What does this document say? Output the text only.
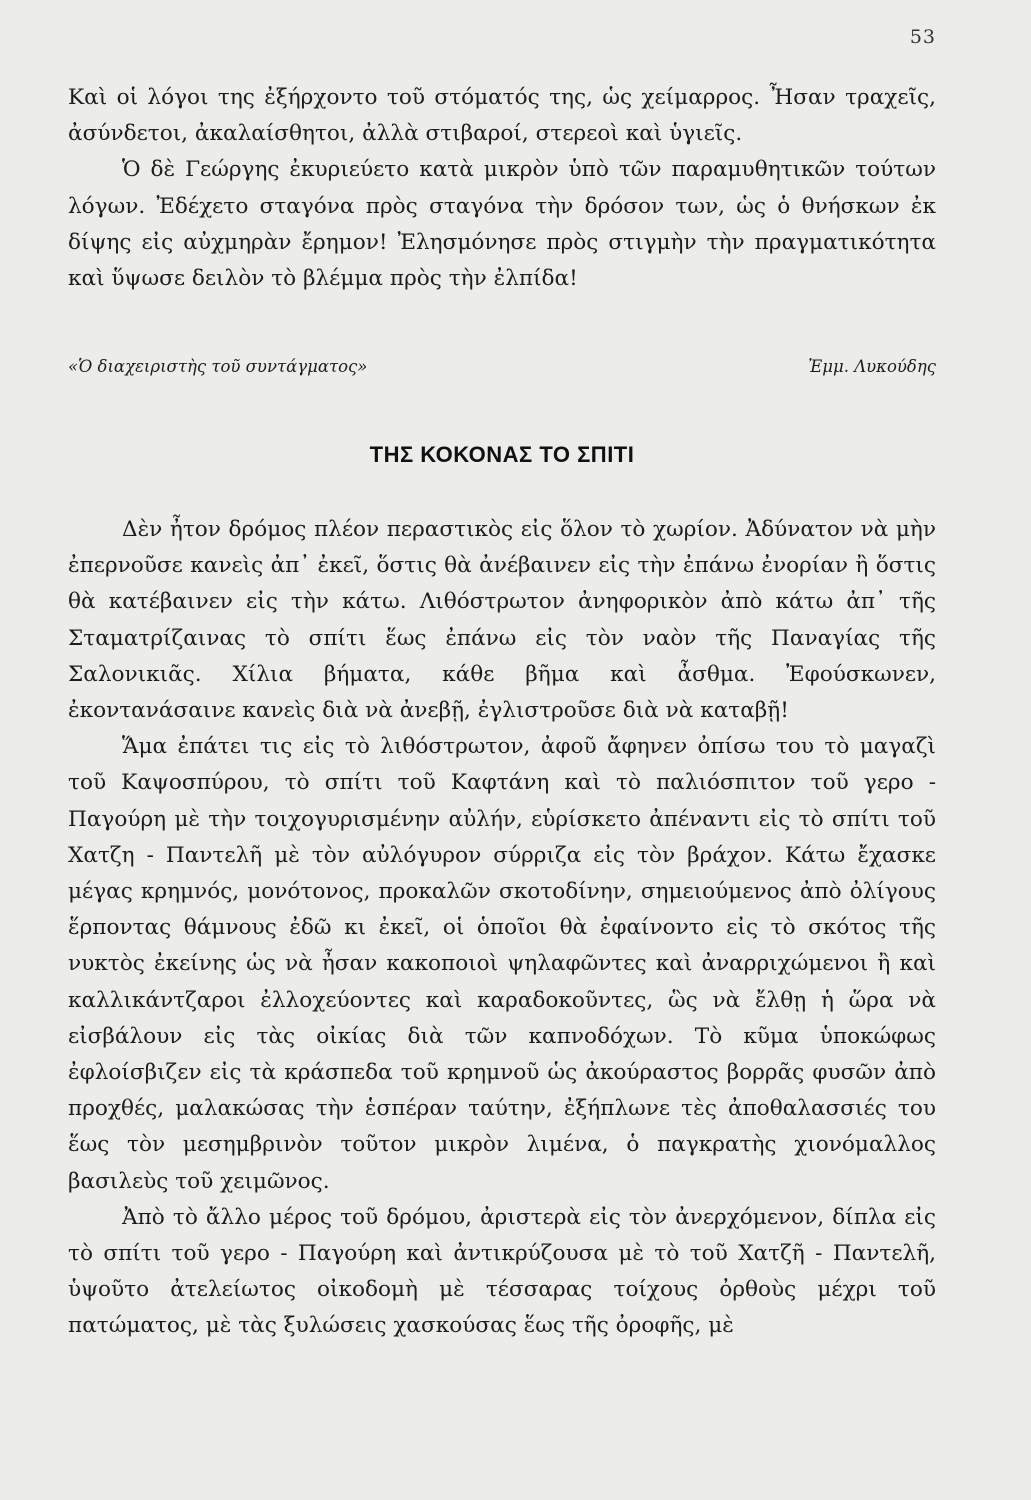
53

Καὶ οἱ λόγοι της ἐξήρχοντο τοῦ στόματός της, ὡς χείμαρρος. Ἦσαν τραχεῖς, ἀσύνδετοι, ἀκαλαίσθητοι, ἀλλὰ στιβαροί, στερεοὶ καὶ ὑγιεῖς.

Ὁ δὲ Γεώργης ἐκυριεύετο κατὰ μικρὸν ὑπὸ τῶν παραμυθητικῶν τούτων λόγων. Ἐδέχετο σταγόνα πρὸς σταγόνα τὴν δρόσον των, ὡς ὁ θνήσκων ἐκ δίψης εἰς αὐχμηρὰν ἔρημον! Ἐλησμόνησε πρὸς στιγμὴν τὴν πραγματικότητα καὶ ὕψωσε δειλὸν τὸ βλέμμα πρὸς τὴν ἐλπίδα!

«Ὁ διαχειριστὴς τοῦ συντάγματος»	Ἐμμ. Λυκούδης
ΤΗΣ ΚΟΚΟΝΑΣ ΤΟ ΣΠΙΤΙ

Δὲν ἦτον δρόμος πλέον περαστικὸς εἰς ὅλον τὸ χωρίον. Ἀδύνατον νὰ μὴν ἐπερνοῦσε κανεὶς ἀπ᾽ ἐκεῖ, ὅστις θὰ ἀνέβαινεν εἰς τὴν ἐπάνω ἐνορίαν ἢ ὅστις θὰ κατέβαινεν εἰς τὴν κάτω. Λιθόστρωτον ἀνηφορικὸν ἀπὸ κάτω ἀπ᾽ τῆς Σταματρίζαινας τὸ σπίτι ἕως ἐπάνω εἰς τὸν ναὸν τῆς Παναγίας τῆς Σαλονικιᾶς. Χίλια βήματα, κάθε βῆμα καὶ ἆσθμα. Ἐφούσκωνεν, ἐκοντανάσαινε κανεὶς διὰ νὰ ἀνεβῇ, ἐγλιστροῦσε διὰ νὰ καταβῇ!

Ἅμα ἐπάτει τις εἰς τὸ λιθόστρωτον, ἀφοῦ ἄφηνεν ὀπίσω του τὸ μαγαζὶ τοῦ Καψοσπύρου, τὸ σπίτι τοῦ Καφτάνη καὶ τὸ παλιόσπιτον τοῦ γερο - Παγούρη μὲ τὴν τοιχογυρισμένην αὐλήν, εὑρίσκετο ἀπέναντι εἰς τὸ σπίτι τοῦ Χατζη - Παντελῆ μὲ τὸν αὐλόγυρον σύρριζα εἰς τὸν βράχον. Κάτω ἔχασκε μέγας κρημνός, μονότονος, προκαλῶν σκοτοδίνην, σημειούμενος ἀπὸ ὀλίγους ἕρποντας θάμνους ἐδῶ κι ἐκεῖ, οἱ ὁποῖοι θὰ ἐφαίνοντο εἰς τὸ σκότος τῆς νυκτὸς ἐκείνης ὡς νὰ ἦσαν κακοποιοὶ ψηλαφῶντες καὶ ἀναρριχώμενοι ἢ καὶ καλλικάντζαροι ἐλλοχεύοντες καὶ καραδοκοῦντες, ὣς νὰ ἔλθῃ ἡ ὥρα νὰ εἰσβάλουν εἰς τὰς οἰκίας διὰ τῶν καπνοδόχων. Τὸ κῦμα ὑποκώφως ἐφλοίσβιζεν εἰς τὰ κράσπεδα τοῦ κρημνοῦ ὡς ἀκούραστος βορρᾶς φυσῶν ἀπὸ προχθές, μαλακώσας τὴν ἑσπέραν ταύτην, ἐξήπλωνε τὲς ἀποθαλασσιές του ἕως τὸν μεσημβρινὸν τοῦτον μικρὸν λιμένα, ὁ παγκρατὴς χιονόμαλλος βασιλεὺς τοῦ χειμῶνος.

Ἀπὸ τὸ ἄλλο μέρος τοῦ δρόμου, ἀριστερὰ εἰς τὸν ἀνερχόμενον, δίπλα εἰς τὸ σπίτι τοῦ γερο - Παγούρη καὶ ἀντικρύζουσα μὲ τὸ τοῦ Χατζῆ - Παντελῆ, ὑψοῦτο ἀτελείωτος οἰκοδομὴ μὲ τέσσαρας τοίχους ὀρθοὺς μέχρι τοῦ πατώματος, μὲ τὰς ξυλώσεις χασκούσας ἕως τῆς ὀροφῆς, μὲ
